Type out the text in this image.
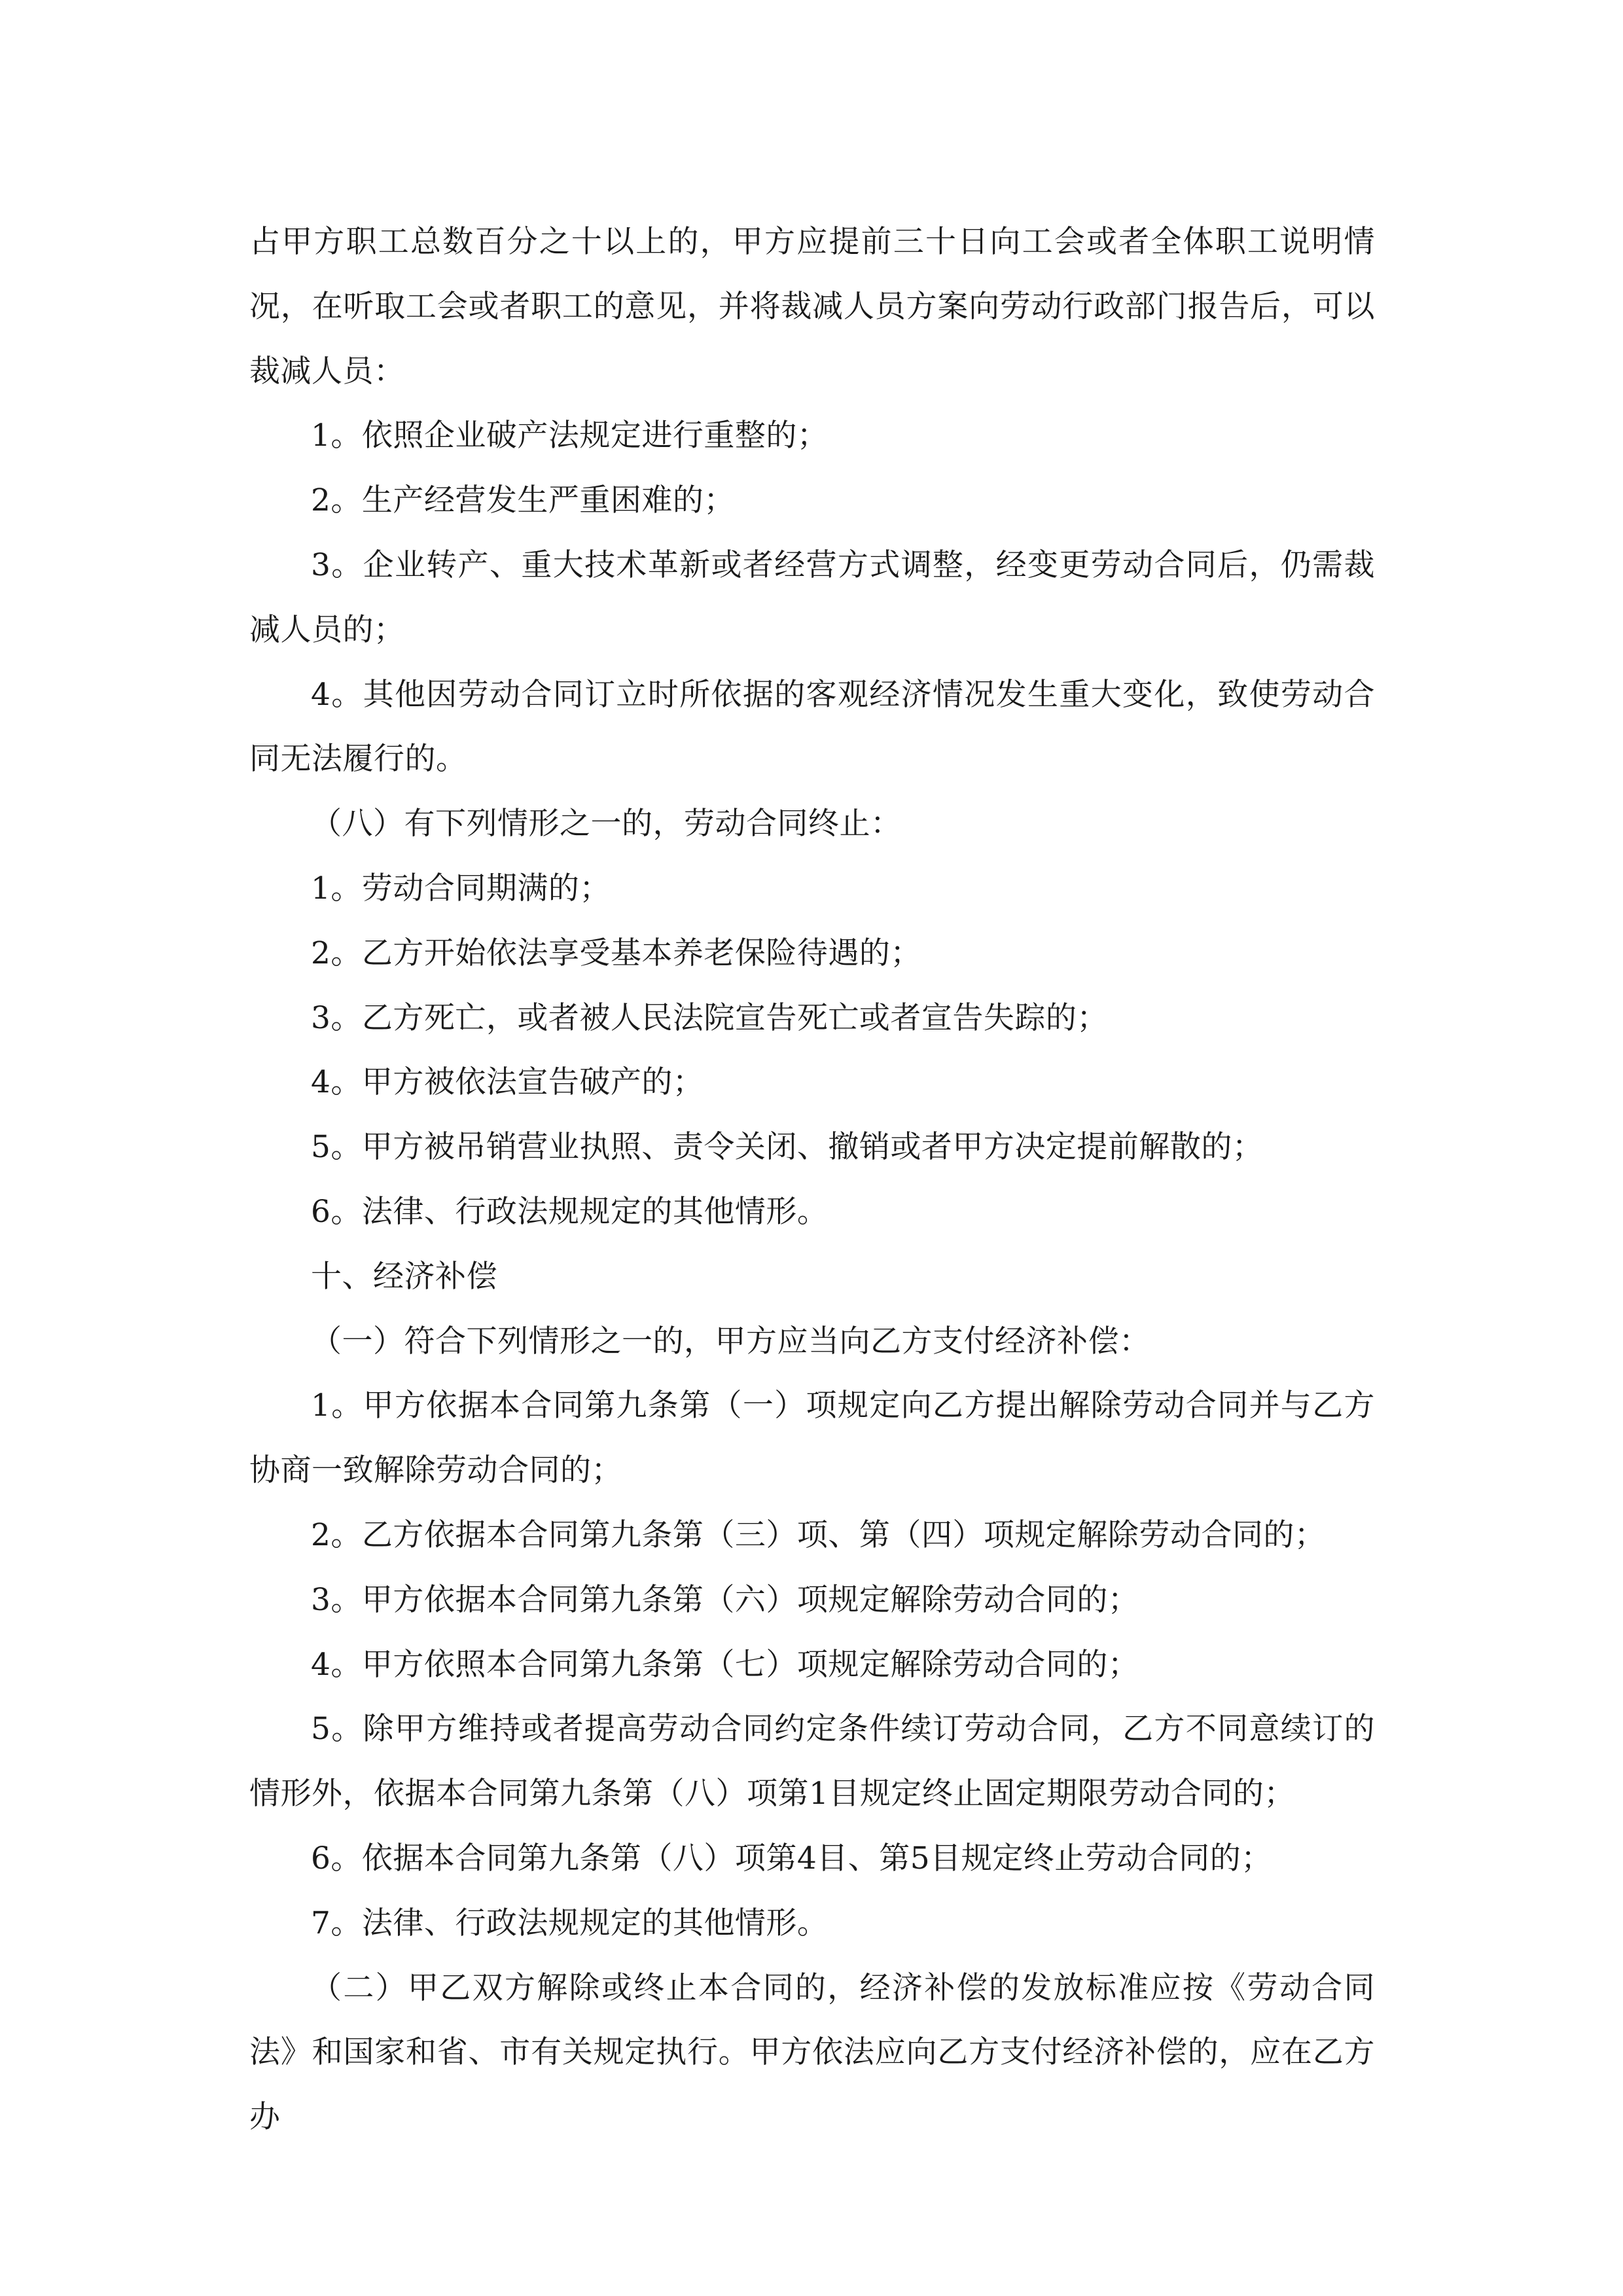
占甲方职工总数百分之十以上的，甲方应提前三十日向工会或者全体职工说明情况，在听取工会或者职工的意见，并将裁减人员方案向劳动行政部门报告后，可以裁减人员：

1。依照企业破产法规定进行重整的；

2。生产经营发生严重困难的；

3。企业转产、重大技术革新或者经营方式调整，经变更劳动合同后，仍需裁减人员的；

4。其他因劳动合同订立时所依据的客观经济情况发生重大变化，致使劳动合同无法履行的。

（八）有下列情形之一的，劳动合同终止：

1。劳动合同期满的；

2。乙方开始依法享受基本养老保险待遇的；

3。乙方死亡，或者被人民法院宣告死亡或者宣告失踪的；

4。甲方被依法宣告破产的；

5。甲方被吊销营业执照、责令关闭、撤销或者甲方决定提前解散的；

6。法律、行政法规规定的其他情形。

十、经济补偿

（一）符合下列情形之一的，甲方应当向乙方支付经济补偿：

1。甲方依据本合同第九条第（一）项规定向乙方提出解除劳动合同并与乙方协商一致解除劳动合同的；

2。乙方依据本合同第九条第（三）项、第（四）项规定解除劳动合同的；

3。甲方依据本合同第九条第（六）项规定解除劳动合同的；

4。甲方依照本合同第九条第（七）项规定解除劳动合同的；

5。除甲方维持或者提高劳动合同约定条件续订劳动合同，乙方不同意续订的情形外，依据本合同第九条第（八）项第1目规定终止固定期限劳动合同的；

6。依据本合同第九条第（八）项第4目、第5目规定终止劳动合同的；

7。法律、行政法规规定的其他情形。

（二）甲乙双方解除或终止本合同的，经济补偿的发放标准应按《劳动合同法》和国家和省、市有关规定执行。甲方依法应向乙方支付经济补偿的，应在乙方办
